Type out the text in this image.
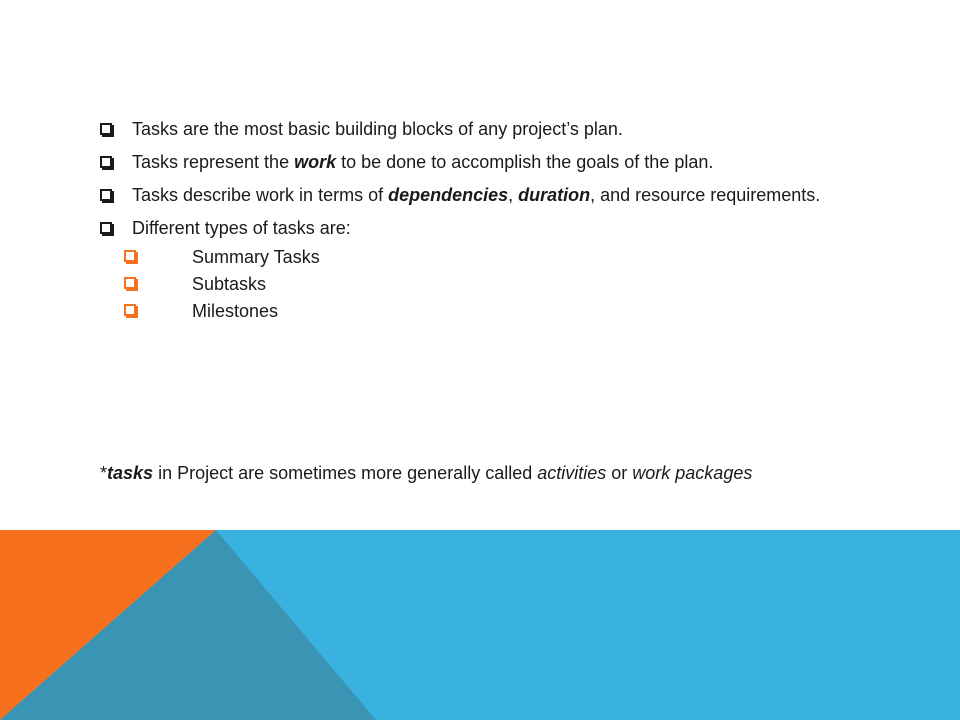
Tasks are the most basic building blocks of any project’s plan.
Tasks represent the work to be done to accomplish the goals of the plan.
Tasks describe work in terms of dependencies, duration, and resource requirements.
Different types of tasks are:
Summary Tasks
Subtasks
Milestones
*tasks in Project are sometimes more generally called activities or work packages
